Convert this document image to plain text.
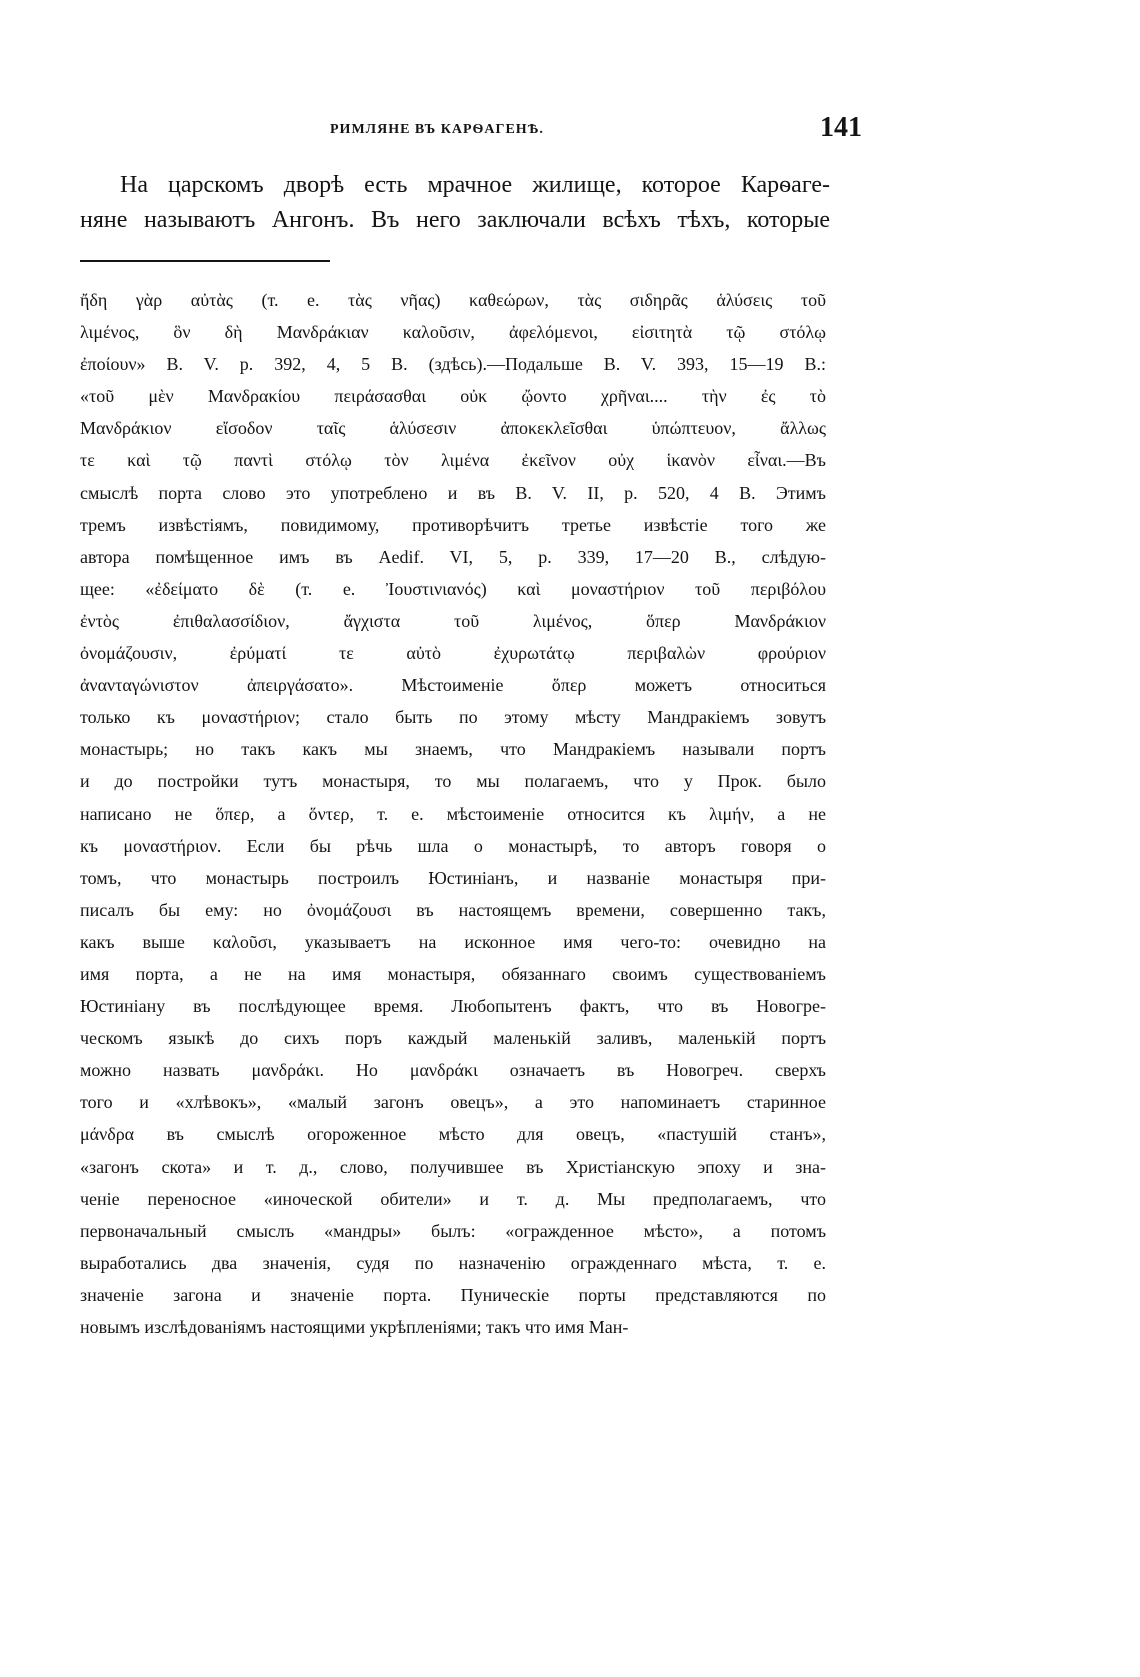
РИМЛЯНЕ ВЪ КАРѲАГЕНѢ.	141
На царскомъ дворѣ есть мрачное жилище, которое Карѳаге-
няне называютъ Ангонъ. Въ него заключали всѣхъ тѣхъ, которые
ἤδη γὰρ αὐτὰς (т. е. τὰς νῆας) καθεώρων, τὰς σιδηρᾶς ἁλύσεις τοῦ
λιμένος, ὃν δὴ Μανδράκιαν καλοῦσιν, ἀφελόμενοι, εἰσιτητὰ τῷ στόλῳ
ἐποίουν» B. V. p. 392, 4, 5 B. (здѣсь).—Подальше B. V. 393, 15—19 B.:
«τοῦ μὲν Μανδρακίου πειράσασθαι οὐκ ᾤοντο χρῆναι.... τὴν ἐς τὸ
Μανδράκιον εἴσοδον ταῖς ἁλύσεσιν ἀποκεκλεῖσθαι ὑπώπτευον, ἄλλως
τε καὶ τῷ παντὶ στόλῳ τὸν λιμένα ἐκεῖνον οὐχ ἱκανὸν εἶναι.—Въ
смыслѣ порта слово это употреблено и въ B. V. II, p. 520, 4 B. Этимъ
тремъ извѣстіямъ, повидимому, противорѣчитъ третье извѣстіе того же
автора помѣщенное имъ въ Aedif. VI, 5, p. 339, 17—20 B., слѣдую-
щее: «ἐδείματο δὲ (т. е. Ἰουστινιανός) καὶ μοναστήριον τοῦ περιβόλου
ἐντὸς ἐπιθαλασσίδιον, ἄγχιστα τοῦ λιμένος, ὅπερ Μανδράκιον
ὀνομάζουσιν, ἐρύματί τε αὐτὸ ἐχυρωτάτῳ περιβαλὼν φρούριον
ἀνανταγώνιστον ἀπειργάσατο». Мѣстоименіе ὅπερ можетъ относиться
только къ μοναστήριον; стало быть по этому мѣсту Мандракіемъ зовутъ
монастырь; но такъ какъ мы знаемъ, что Мандракіемъ называли портъ
и до постройки тутъ монастыря, то мы полагаемъ, что у Прок. было
написано не ὅπερ, а ὅντερ, т. е. мѣстоименіе относится къ λιμήν, а не
къ μοναστήριον. Если бы рѣчь шла о монастырѣ, то авторъ говоря о
томъ, что монастырь построилъ Юстиніанъ, и названіе монастыря при-
писалъ бы ему: но ὀνομάζουσι въ настоящемъ времени, совершенно такъ,
какъ выше καλοῦσι, указываетъ на исконное имя чего-то: очевидно на
имя порта, а не на имя монастыря, обязаннаго своимъ существованіемъ
Юстиніану въ послѣдующее время. Любопытенъ фактъ, что въ Новогре-
ческомъ языкѣ до сихъ поръ каждый маленькій заливъ, маленькій портъ
можно назвать μανδράκι. Но μανδράκι означаетъ въ Новогреч. сверхъ
того и «хлѣвокъ», «малый загонъ овецъ», а это напоминаетъ старинное
μάνδρα въ смыслѣ огороженное мѣсто для овецъ, «пастушій станъ»,
«загонъ скота» и т. д., слово, получившее въ Христіанскую эпоху и зна-
ченіе переносное «иноческой обители» и т. д. Мы предполагаемъ, что
первоначальный смыслъ «мандры» былъ: «огражденное мѣсто», а потомъ
выработались два значенія, судя по назначенію огражденнаго мѣста, т. е.
значеніе загона и значеніе порта. Пуническіе порты представляются по
новымъ изслѣдованіямъ настоящими укрѣпленіями; такъ что имя Ман-
